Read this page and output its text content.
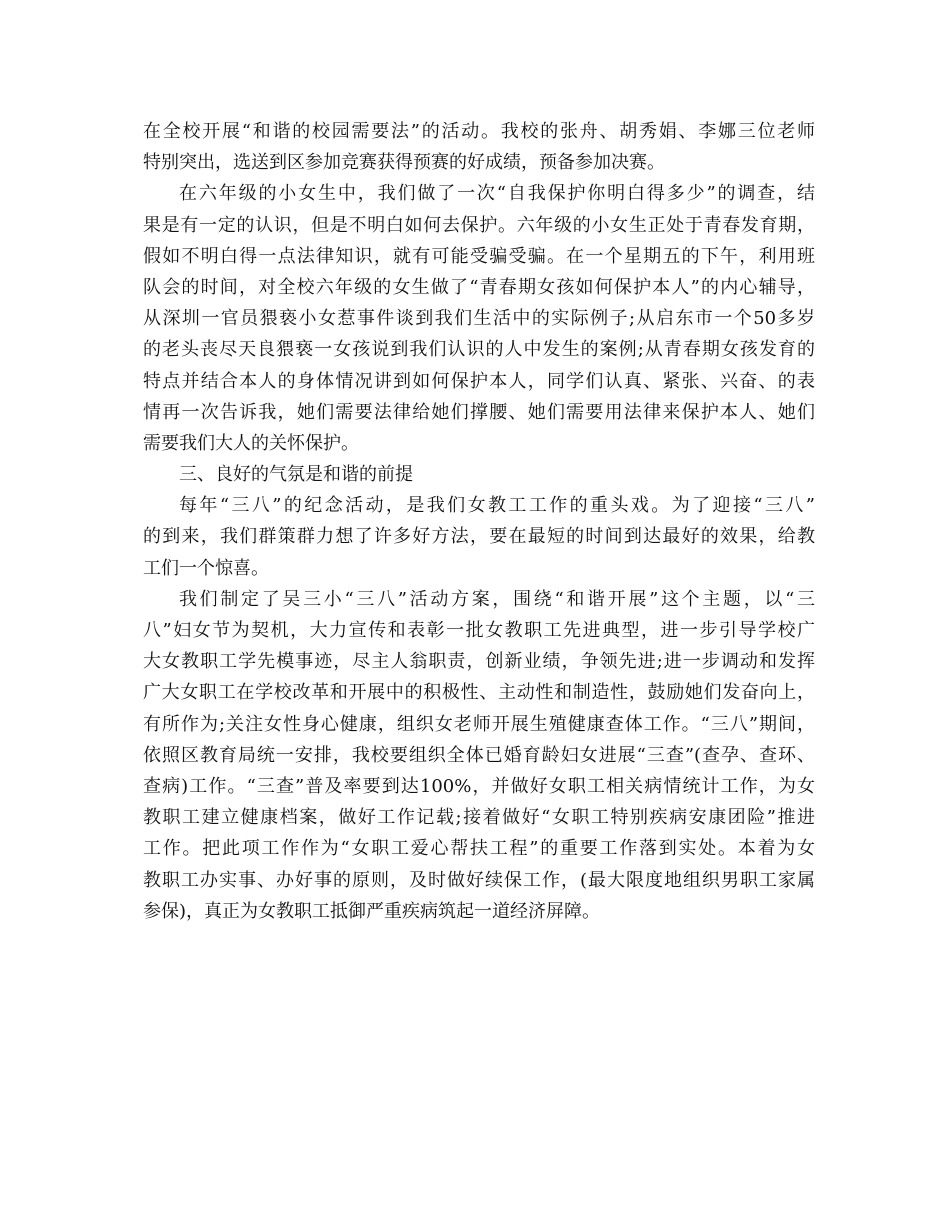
在全校开展“和谐的校园需要法”的活动。我校的张舟、胡秀娟、李娜三位老师
特别突出，选送到区参加竞赛获得预赛的好成绩，预备参加决赛。
在六年级的小女生中，我们做了一次“自我保护你明白得多少”的调查，结
果是有一定的认识，但是不明白如何去保护。六年级的小女生正处于青春发育期，
假如不明白得一点法律知识，就有可能受骗受骗。在一个星期五的下午，利用班
队会的时间，对全校六年级的女生做了“青春期女孩如何保护本人”的内心辅导，
从深圳一官员猥亵小女惹事件谈到我们生活中的实际例子;从启东市一个50多岁
的老头丧尽天良猥亵一女孩说到我们认识的人中发生的案例;从青春期女孩发育的
特点并结合本人的身体情况讲到如何保护本人，同学们认真、紧张、兴奋、的表
情再一次告诉我，她们需要法律给她们撑腰、她们需要用法律来保护本人、她们
需要我们大人的关怀保护。
三、良好的气氛是和谐的前提
每年“三八”的纪念活动，是我们女教工工作的重头戏。为了迎接“三八”
的到来，我们群策群力想了许多好方法，要在最短的时间到达最好的效果，给教
工们一个惊喜。
我们制定了吴三小“三八”活动方案，围绕“和谐开展”这个主题，以“三
八”妇女节为契机，大力宣传和表彰一批女教职工先进典型，进一步引导学校广
大女教职工学先模事迹，尽主人翁职责，创新业绩，争领先进;进一步调动和发挥
广大女职工在学校改革和开展中的积极性、主动性和制造性，鼓励她们发奋向上，
有所作为;关注女性身心健康，组织女老师开展生殖健康查体工作。“三八”期间，
依照区教育局统一安排，我校要组织全体已婚育龄妇女进展“三查”(查孕、查环、
查病)工作。“三查”普及率要到达100%，并做好女职工相关病情统计工作，为女
教职工建立健康档案，做好工作记载;接着做好“女职工特别疾病安康团险”推进
工作。把此项工作作为“女职工爱心帮扶工程”的重要工作落到实处。本着为女
教职工办实事、办好事的原则，及时做好续保工作，(最大限度地组织男职工家属
参保)，真正为女教职工抵御严重疾病筑起一道经济屏障。
